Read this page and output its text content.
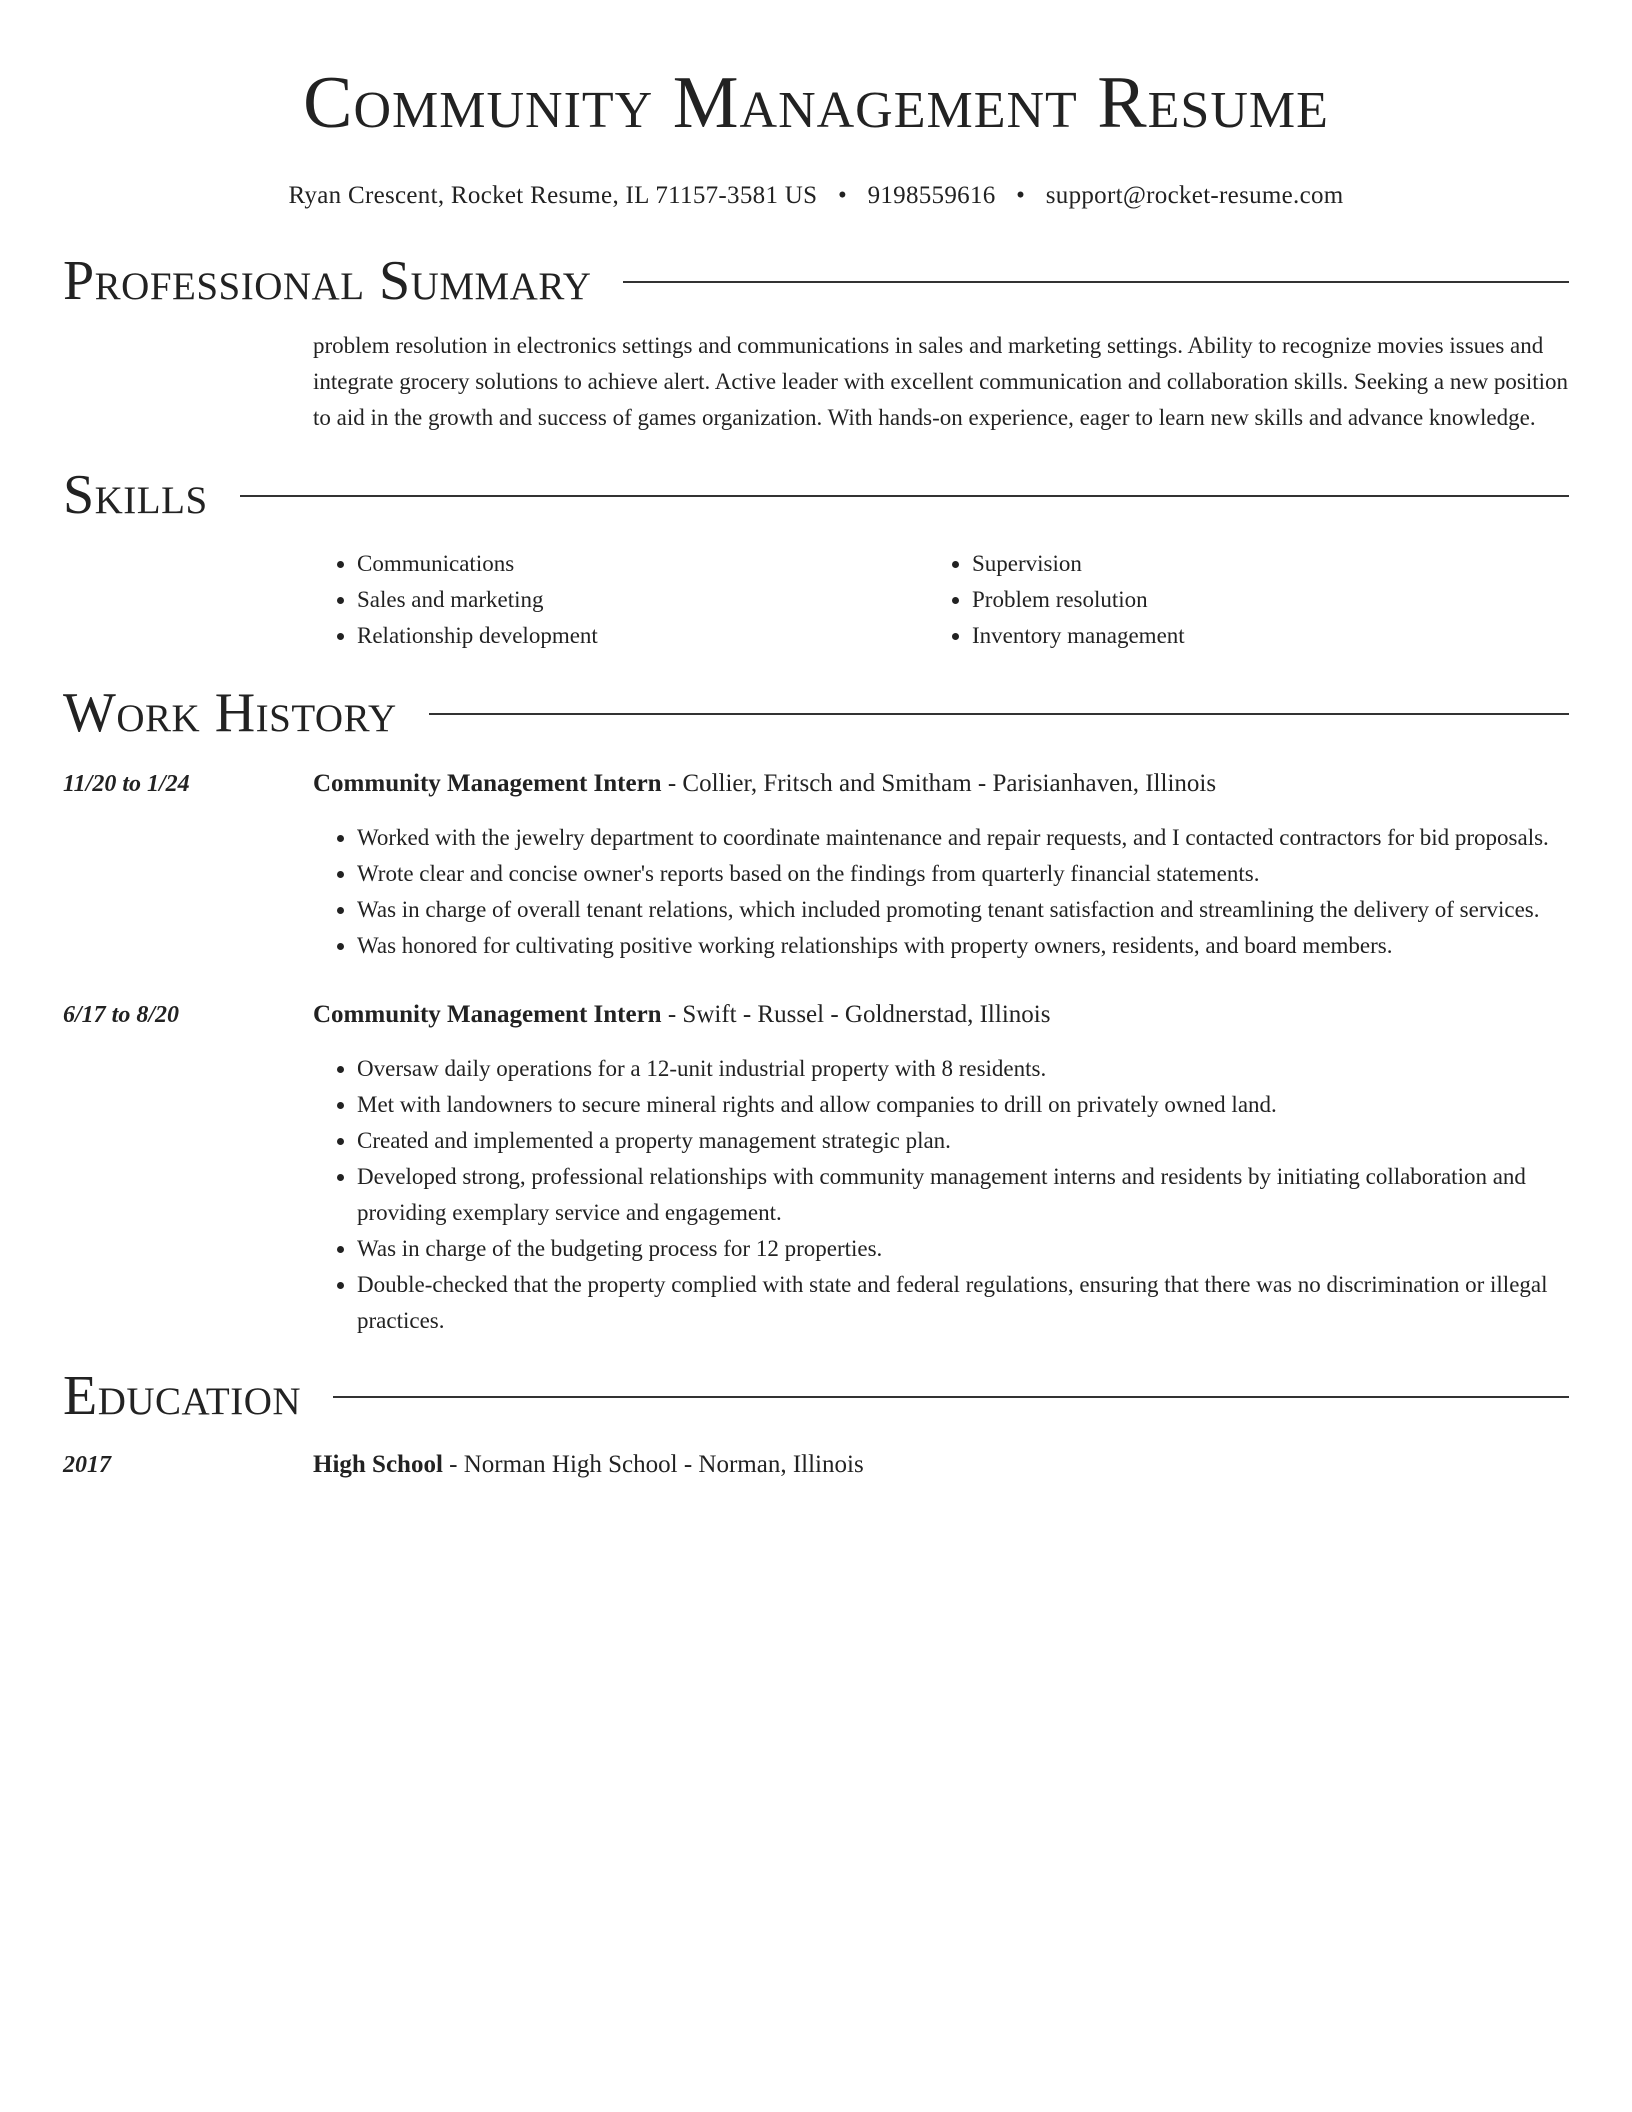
Community Management Resume
Ryan Crescent, Rocket Resume, IL 71157-3581 US • 9198559616 • support@rocket-resume.com
Professional Summary
problem resolution in electronics settings and communications in sales and marketing settings. Ability to recognize movies issues and integrate grocery solutions to achieve alert. Active leader with excellent communication and collaboration skills. Seeking a new position to aid in the growth and success of games organization. With hands-on experience, eager to learn new skills and advance knowledge.
Skills
• Communications
• Sales and marketing
• Relationship development
• Supervision
• Problem resolution
• Inventory management
Work History
11/20 to 1/24	Community Management Intern - Collier, Fritsch and Smitham - Parisianhaven, Illinois
• Worked with the jewelry department to coordinate maintenance and repair requests, and I contacted contractors for bid proposals.
• Wrote clear and concise owner's reports based on the findings from quarterly financial statements.
• Was in charge of overall tenant relations, which included promoting tenant satisfaction and streamlining the delivery of services.
• Was honored for cultivating positive working relationships with property owners, residents, and board members.
6/17 to 8/20	Community Management Intern - Swift - Russel - Goldnerstad, Illinois
• Oversaw daily operations for a 12-unit industrial property with 8 residents.
• Met with landowners to secure mineral rights and allow companies to drill on privately owned land.
• Created and implemented a property management strategic plan.
• Developed strong, professional relationships with community management interns and residents by initiating collaboration and providing exemplary service and engagement.
• Was in charge of the budgeting process for 12 properties.
• Double-checked that the property complied with state and federal regulations, ensuring that there was no discrimination or illegal practices.
Education
2017	High School - Norman High School - Norman, Illinois
